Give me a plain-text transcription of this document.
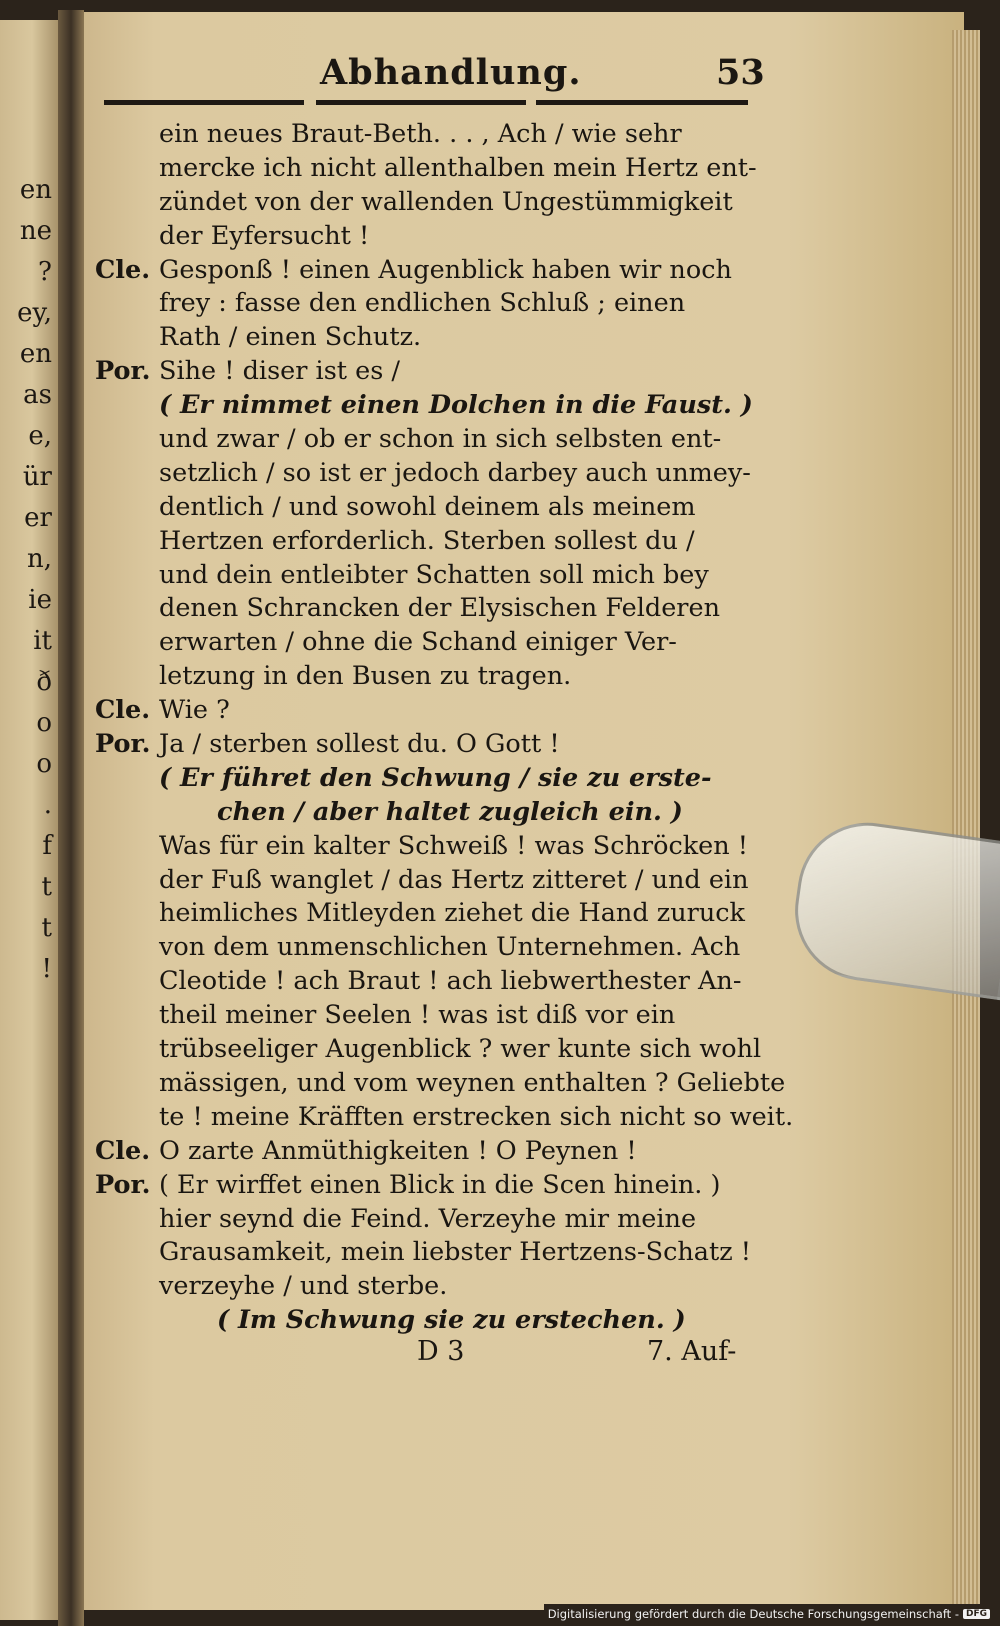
en
ne
?
ey,
en
as
e,
ür
er
n,
ie
it
ð
o
o
.
f
t
t
!
Abhandlung.	53
ein neues Braut-Beth. . . , Ach / wie sehr
mercke ich nicht allenthalben mein Hertz ent-
zündet von der wallenden Ungestümmigkeit
der Eyfersucht !
Cle. Gesponß ! einen Augenblick haben wir noch
frey : fasse den endlichen Schluß ; einen
Rath / einen Schutz.
Por. Sihe ! diser ist es /
( Er nimmet einen Dolchen in die Faust. )
und zwar / ob er schon in sich selbsten ent-
setzlich / so ist er jedoch darbey auch unmey-
dentlich / und sowohl deinem als meinem
Hertzen erforderlich. Sterben sollest du /
und dein entleibter Schatten soll mich bey
denen Schrancken der Elysischen Felderen
erwarten / ohne die Schand einiger Ver-
letzung in den Busen zu tragen.
Cle. Wie ?
Por. Ja / sterben sollest du. O Gott !
( Er führet den Schwung / sie zu erste-
chen / aber haltet zugleich ein. )
Was für ein kalter Schweiß ! was Schröcken !
der Fuß wanglet / das Hertz zitteret / und ein
heimliches Mitleyden ziehet die Hand zuruck
von dem unmenschlichen Unternehmen. Ach
Cleotide ! ach Braut ! ach liebwerthester An-
theil meiner Seelen ! was ist diß vor ein
trübseeliger Augenblick ? wer kunte sich wohl
mässigen, und vom weynen enthalten ? Geliebte
te ! meine Kräfften erstrecken sich nicht so weit.
Cle. O zarte Anmüthigkeiten ! O Peynen !
Por. ( Er wirffet einen Blick in die Scen hinein. )
hier seynd die Feind. Verzeyhe mir meine
Grausamkeit, mein liebster Hertzens-Schatz !
verzeyhe / und sterbe.
( Im Schwung sie zu erstechen. )
D 3	7. Auf-
Digitalisierung gefördert durch die Deutsche Forschungsgemeinschaft - DFG
